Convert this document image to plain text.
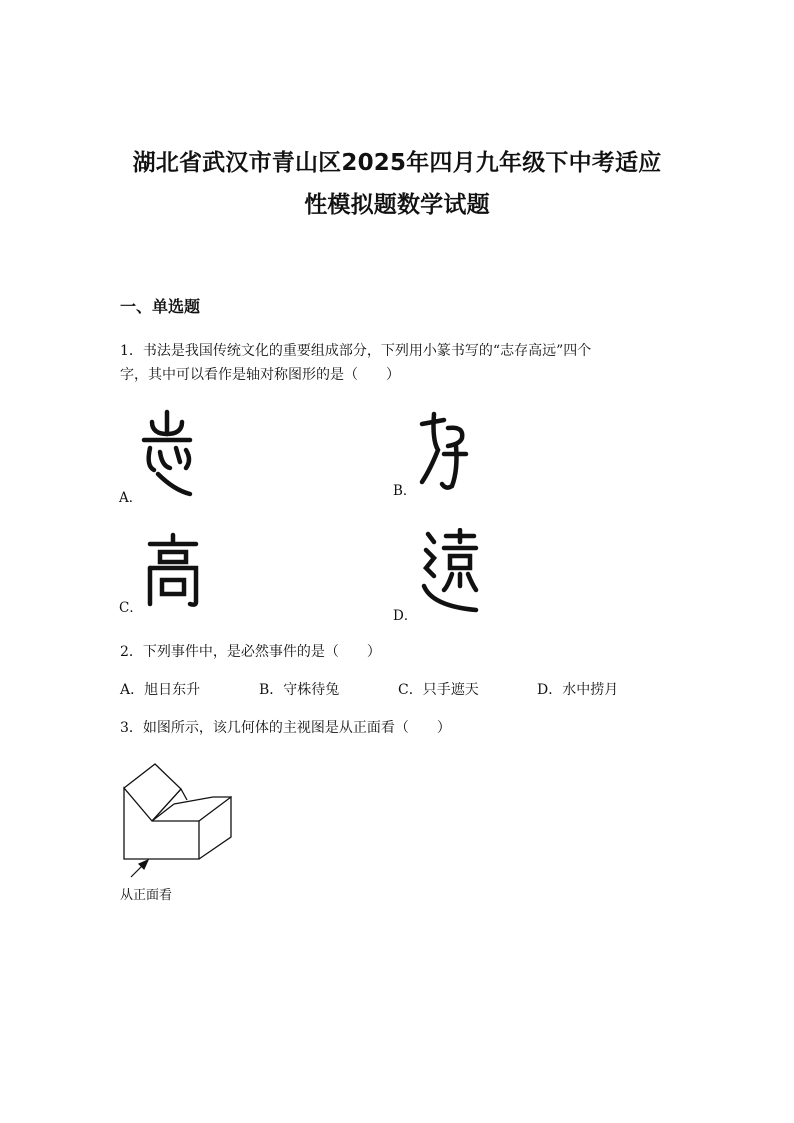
湖北省武汉市青山区2025年四月九年级下中考适应
性模拟题数学试题
一、单选题
1．书法是我国传统文化的重要组成部分，下列用小篆书写的“志存高远”四个
字，其中可以看作是轴对称图形的是（　　）
A．	B．
C．	D．
2．下列事件中，是必然事件的是（　　）
A．旭日东升	B．守株待兔	C．只手遮天	D．水中捞月
3．如图所示，该几何体的主视图是从正面看（　　）
从正面看
